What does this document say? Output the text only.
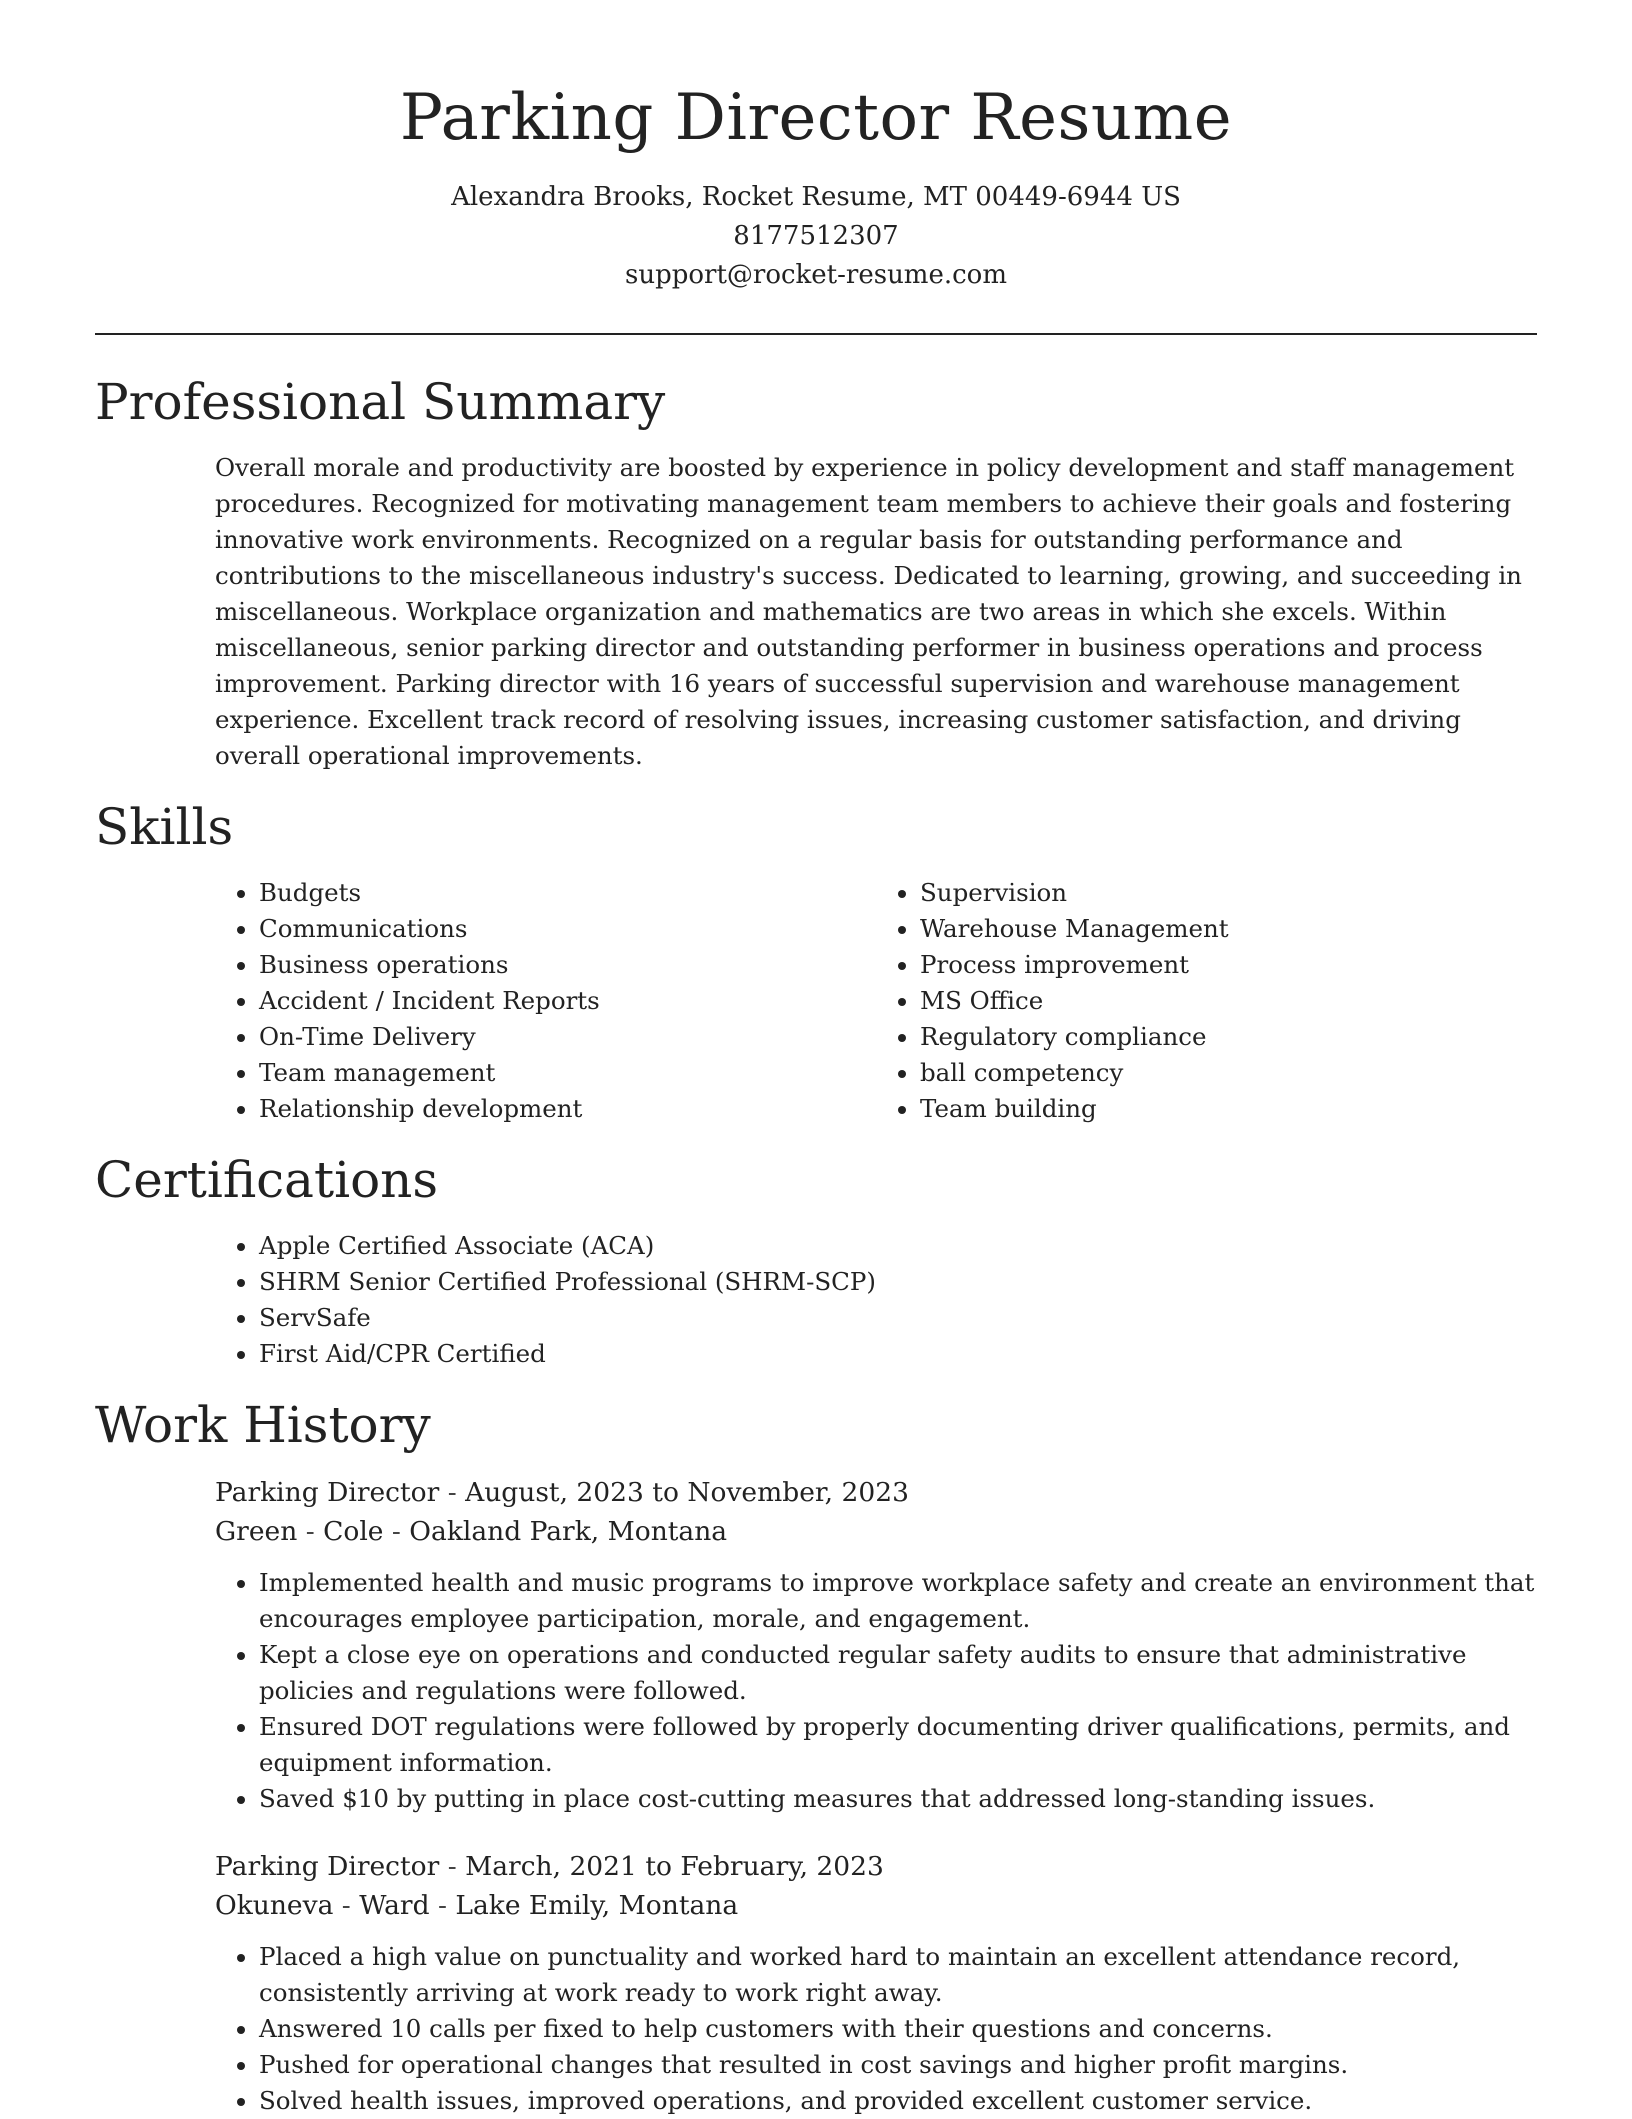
Parking Director Resume

Alexandra Brooks, Rocket Resume, MT 00449-6944 US

8177512307

support@rocket-resume.com

Professional Summary

Overall morale and productivity are boosted by experience in policy development and staff management procedures. Recognized for motivating management team members to achieve their goals and fostering innovative work environments. Recognized on a regular basis for outstanding performance and contributions to the miscellaneous industry's success. Dedicated to learning, growing, and succeeding in miscellaneous. Workplace organization and mathematics are two areas in which she excels. Within miscellaneous, senior parking director and outstanding performer in business operations and process improvement. Parking director with 16 years of successful supervision and warehouse management experience. Excellent track record of resolving issues, increasing customer satisfaction, and driving overall operational improvements.

Skills
• Budgets
• Communications
• Business operations
• Accident / Incident Reports
• On-Time Delivery
• Team management
• Relationship development
• Supervision
• Warehouse Management
• Process improvement
• MS Office
• Regulatory compliance
• ball competency
• Team building
Certifications
• Apple Certified Associate (ACA)
• SHRM Senior Certified Professional (SHRM-SCP)
• ServSafe
• First Aid/CPR Certified
Work History

Parking Director - August, 2023 to November, 2023

Green - Cole - Oakland Park, Montana

• Implemented health and music programs to improve workplace safety and create an environment that encourages employee participation, morale, and engagement.
• Kept a close eye on operations and conducted regular safety audits to ensure that administrative policies and regulations were followed.
• Ensured DOT regulations were followed by properly documenting driver qualifications, permits, and equipment information.
• Saved $10 by putting in place cost-cutting measures that addressed long-standing issues.

Parking Director - March, 2021 to February, 2023

Okuneva - Ward - Lake Emily, Montana

• Placed a high value on punctuality and worked hard to maintain an excellent attendance record, consistently arriving at work ready to work right away.
• Answered 10 calls per fixed to help customers with their questions and concerns.
• Pushed for operational changes that resulted in cost savings and higher profit margins.
• Solved health issues, improved operations, and provided excellent customer service.
